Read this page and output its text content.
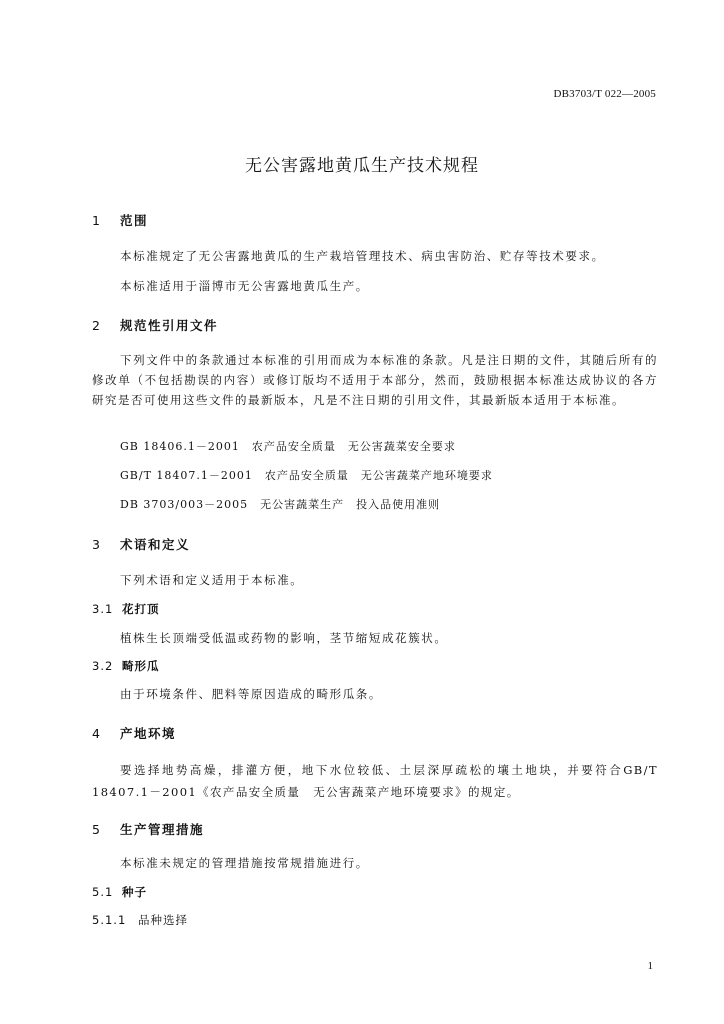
DB3703/T 022—2005
无公害露地黄瓜生产技术规程
1 范围
本标准规定了无公害露地黄瓜的生产栽培管理技术、病虫害防治、贮存等技术要求。
本标准适用于淄博市无公害露地黄瓜生产。
2 规范性引用文件
下列文件中的条款通过本标准的引用而成为本标准的条款。凡是注日期的文件，其随后所有的修改单（不包括勘误的内容）或修订版均不适用于本部分，然而，鼓励根据本标准达成协议的各方研究是否可使用这些文件的最新版本，凡是不注日期的引用文件，其最新版本适用于本标准。
GB 18406.1－2001 农产品安全质量 无公害蔬菜安全要求
GB/T 18407.1－2001 农产品安全质量 无公害蔬菜产地环境要求
DB 3703/003－2005 无公害蔬菜生产 投入品使用准则
3 术语和定义
下列术语和定义适用于本标准。
3.1 花打顶
植株生长顶端受低温或药物的影响，茎节缩短成花簇状。
3.2 畸形瓜
由于环境条件、肥料等原因造成的畸形瓜条。
4 产地环境
要选择地势高燥，排灌方便，地下水位较低、土层深厚疏松的壤土地块，并要符合GB/T 18407.1－2001《农产品安全质量　无公害蔬菜产地环境要求》的规定。
5 生产管理措施
本标准未规定的管理措施按常规措施进行。
5.1 种子
5.1.1 品种选择
1
